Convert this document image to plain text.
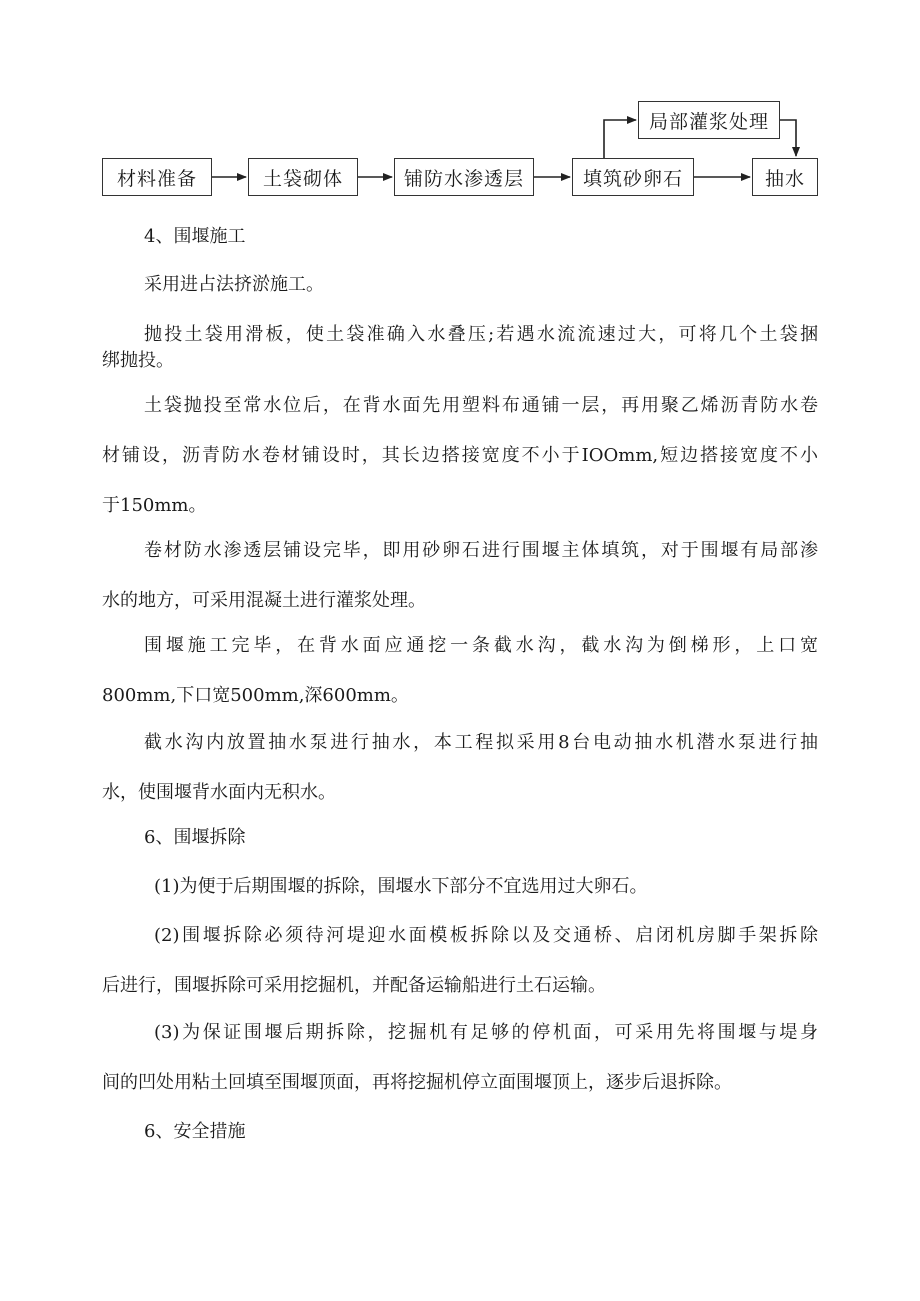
材料准备	土袋砌体	铺防水渗透层	填筑砂卵石	抽水
局部灌浆处理
4、围堰施工
采用进占法挤淤施工。
抛投土袋用滑板，使土袋准确入水叠压;若遇水流流速过大，可将几个土袋捆
绑抛投。
土袋抛投至常水位后，在背水面先用塑料布通铺一层，再用聚乙烯沥青防水卷
材铺设，沥青防水卷材铺设时，其长边搭接宽度不小于IOOmm,短边搭接宽度不小
于150mm。
卷材防水渗透层铺设完毕，即用砂卵石进行围堰主体填筑，对于围堰有局部渗
水的地方，可采用混凝土进行灌浆处理。
围堰施工完毕，在背水面应通挖一条截水沟，截水沟为倒梯形，上口宽
800mm,下口宽500mm,深600mm。
截水沟内放置抽水泵进行抽水，本工程拟采用8台电动抽水机潜水泵进行抽
水，使围堰背水面内无积水。
6、围堰拆除
(1)为便于后期围堰的拆除，围堰水下部分不宜选用过大卵石。
(2)围堰拆除必须待河堤迎水面模板拆除以及交通桥、启闭机房脚手架拆除
后进行，围堰拆除可采用挖掘机，并配备运输船进行土石运输。
(3)为保证围堰后期拆除，挖掘机有足够的停机面，可采用先将围堰与堤身
间的凹处用粘土回填至围堰顶面，再将挖掘机停立面围堰顶上，逐步后退拆除。
6、安全措施
